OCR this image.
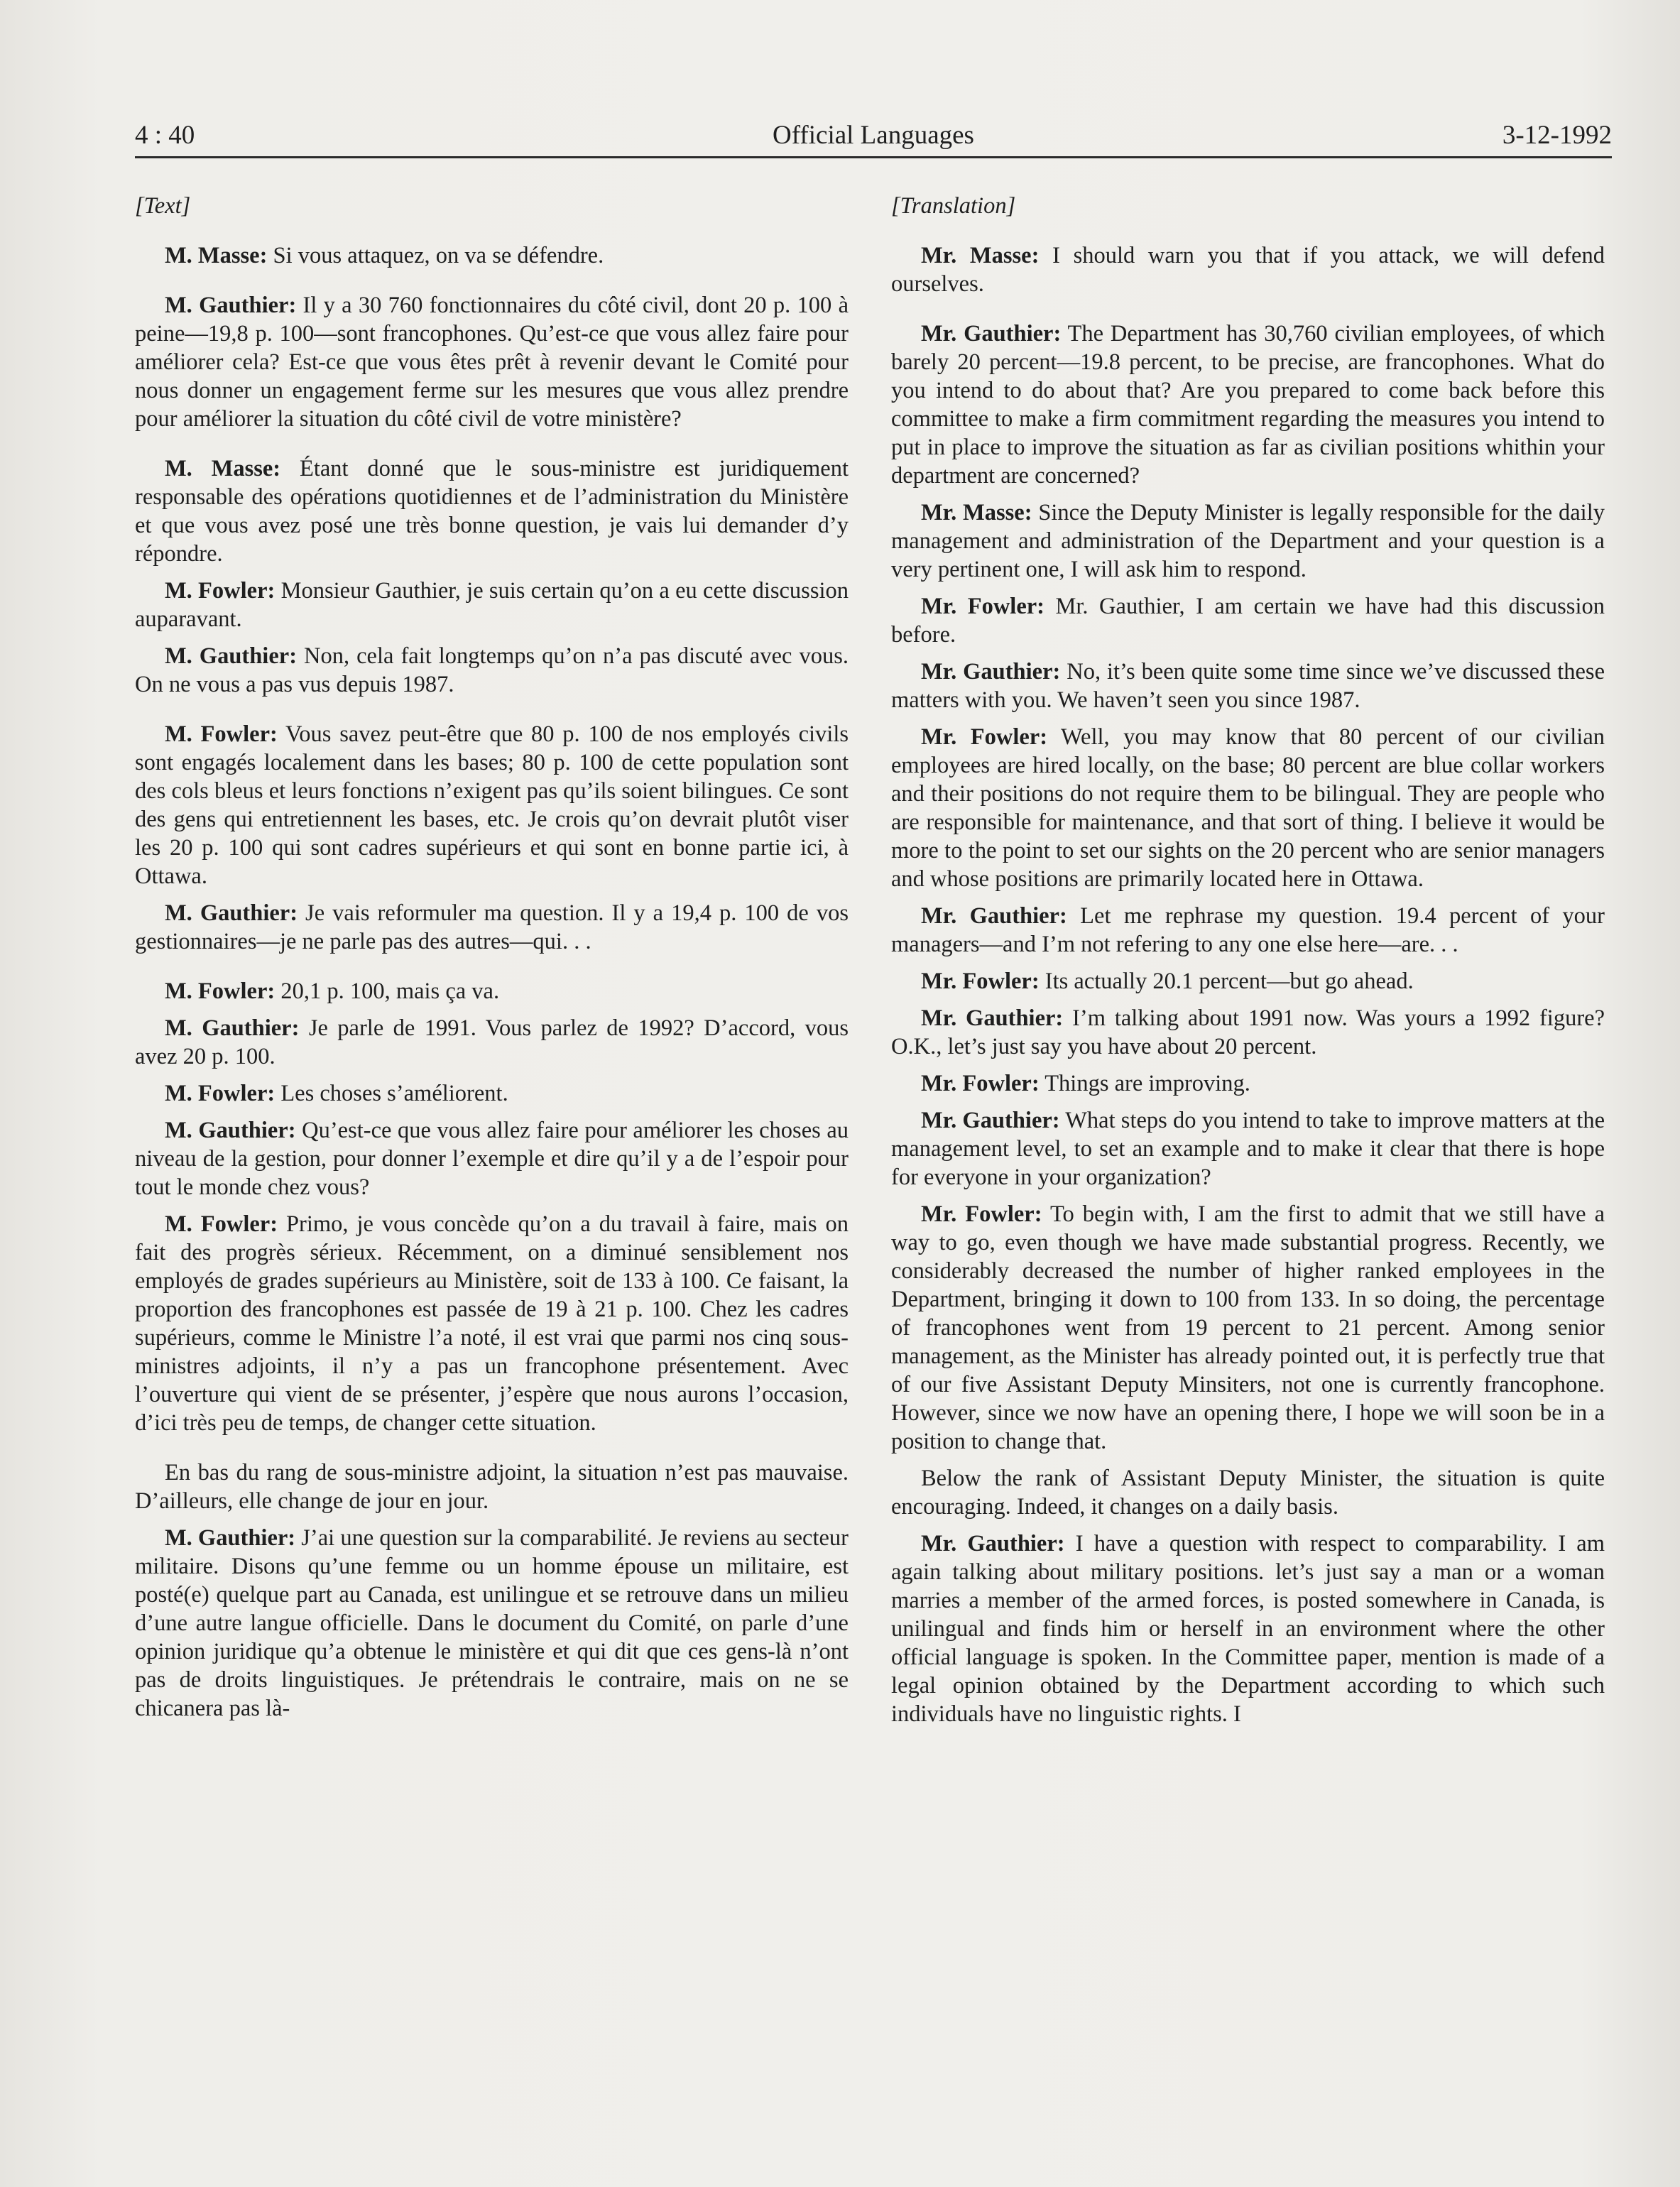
4 : 40	Official Languages	3-12-1992
[Text]

M. Masse: Si vous attaquez, on va se défendre.

M. Gauthier: Il y a 30 760 fonctionnaires du côté civil, dont 20 p. 100 à peine—19,8 p. 100—sont francophones. Qu’est-ce que vous allez faire pour améliorer cela? Est-ce que vous êtes prêt à revenir devant le Comité pour nous donner un engagement ferme sur les mesures que vous allez prendre pour améliorer la situation du côté civil de votre ministère?

M. Masse: Étant donné que le sous-ministre est juridiquement responsable des opérations quotidiennes et de l’administration du Ministère et que vous avez posé une très bonne question, je vais lui demander d’y répondre.

M. Fowler: Monsieur Gauthier, je suis certain qu’on a eu cette discussion auparavant.

M. Gauthier: Non, cela fait longtemps qu’on n’a pas discuté avec vous. On ne vous a pas vus depuis 1987.

M. Fowler: Vous savez peut-être que 80 p. 100 de nos employés civils sont engagés localement dans les bases; 80 p. 100 de cette population sont des cols bleus et leurs fonctions n’exigent pas qu’ils soient bilingues. Ce sont des gens qui entretiennent les bases, etc. Je crois qu’on devrait plutôt viser les 20 p. 100 qui sont cadres supérieurs et qui sont en bonne partie ici, à Ottawa.

M. Gauthier: Je vais reformuler ma question. Il y a 19,4 p. 100 de vos gestionnaires—je ne parle pas des autres—qui. . .

M. Fowler: 20,1 p. 100, mais ça va.

M. Gauthier: Je parle de 1991. Vous parlez de 1992? D’accord, vous avez 20 p. 100.

M. Fowler: Les choses s’améliorent.

M. Gauthier: Qu’est-ce que vous allez faire pour améliorer les choses au niveau de la gestion, pour donner l’exemple et dire qu’il y a de l’espoir pour tout le monde chez vous?

M. Fowler: Primo, je vous concède qu’on a du travail à faire, mais on fait des progrès sérieux. Récemment, on a diminué sensiblement nos employés de grades supérieurs au Ministère, soit de 133 à 100. Ce faisant, la proportion des francophones est passée de 19 à 21 p. 100. Chez les cadres supérieurs, comme le Ministre l’a noté, il est vrai que parmi nos cinq sous-ministres adjoints, il n’y a pas un francophone présentement. Avec l’ouverture qui vient de se présenter, j’espère que nous aurons l’occasion, d’ici très peu de temps, de changer cette situation.

En bas du rang de sous-ministre adjoint, la situation n’est pas mauvaise. D’ailleurs, elle change de jour en jour.

M. Gauthier: J’ai une question sur la comparabilité. Je reviens au secteur militaire. Disons qu’une femme ou un homme épouse un militaire, est posté(e) quelque part au Canada, est unilingue et se retrouve dans un milieu d’une autre langue officielle. Dans le document du Comité, on parle d’une opinion juridique qu’a obtenue le ministère et qui dit que ces gens-là n’ont pas de droits linguistiques. Je prétendrais le contraire, mais on ne se chicanera pas là-

[Translation]

Mr. Masse: I should warn you that if you attack, we will defend ourselves.

Mr. Gauthier: The Department has 30,760 civilian employees, of which barely 20 percent—19.8 percent, to be precise, are francophones. What do you intend to do about that? Are you prepared to come back before this committee to make a firm commitment regarding the measures you intend to put in place to improve the situation as far as civilian positions whithin your department are concerned?

Mr. Masse: Since the Deputy Minister is legally responsible for the daily management and administration of the Department and your question is a very pertinent one, I will ask him to respond.

Mr. Fowler: Mr. Gauthier, I am certain we have had this discussion before.

Mr. Gauthier: No, it’s been quite some time since we’ve discussed these matters with you. We haven’t seen you since 1987.

Mr. Fowler: Well, you may know that 80 percent of our civilian employees are hired locally, on the base; 80 percent are blue collar workers and their positions do not require them to be bilingual. They are people who are responsible for maintenance, and that sort of thing. I believe it would be more to the point to set our sights on the 20 percent who are senior managers and whose positions are primarily located here in Ottawa.

Mr. Gauthier: Let me rephrase my question. 19.4 percent of your managers—and I’m not refering to any one else here—are. . .

Mr. Fowler: Its actually 20.1 percent—but go ahead.

Mr. Gauthier: I’m talking about 1991 now. Was yours a 1992 figure? O.K., let’s just say you have about 20 percent.

Mr. Fowler: Things are improving.

Mr. Gauthier: What steps do you intend to take to improve matters at the management level, to set an example and to make it clear that there is hope for everyone in your organization?

Mr. Fowler: To begin with, I am the first to admit that we still have a way to go, even though we have made substantial progress. Recently, we considerably decreased the number of higher ranked employees in the Department, bringing it down to 100 from 133. In so doing, the percentage of francophones went from 19 percent to 21 percent. Among senior management, as the Minister has already pointed out, it is perfectly true that of our five Assistant Deputy Minsiters, not one is currently francophone. However, since we now have an opening there, I hope we will soon be in a position to change that.

Below the rank of Assistant Deputy Minister, the situation is quite encouraging. Indeed, it changes on a daily basis.

Mr. Gauthier: I have a question with respect to comparability. I am again talking about military positions. let’s just say a man or a woman marries a member of the armed forces, is posted somewhere in Canada, is unilingual and finds him or herself in an environment where the other official language is spoken. In the Committee paper, mention is made of a legal opinion obtained by the Department according to which such individuals have no linguistic rights. I
